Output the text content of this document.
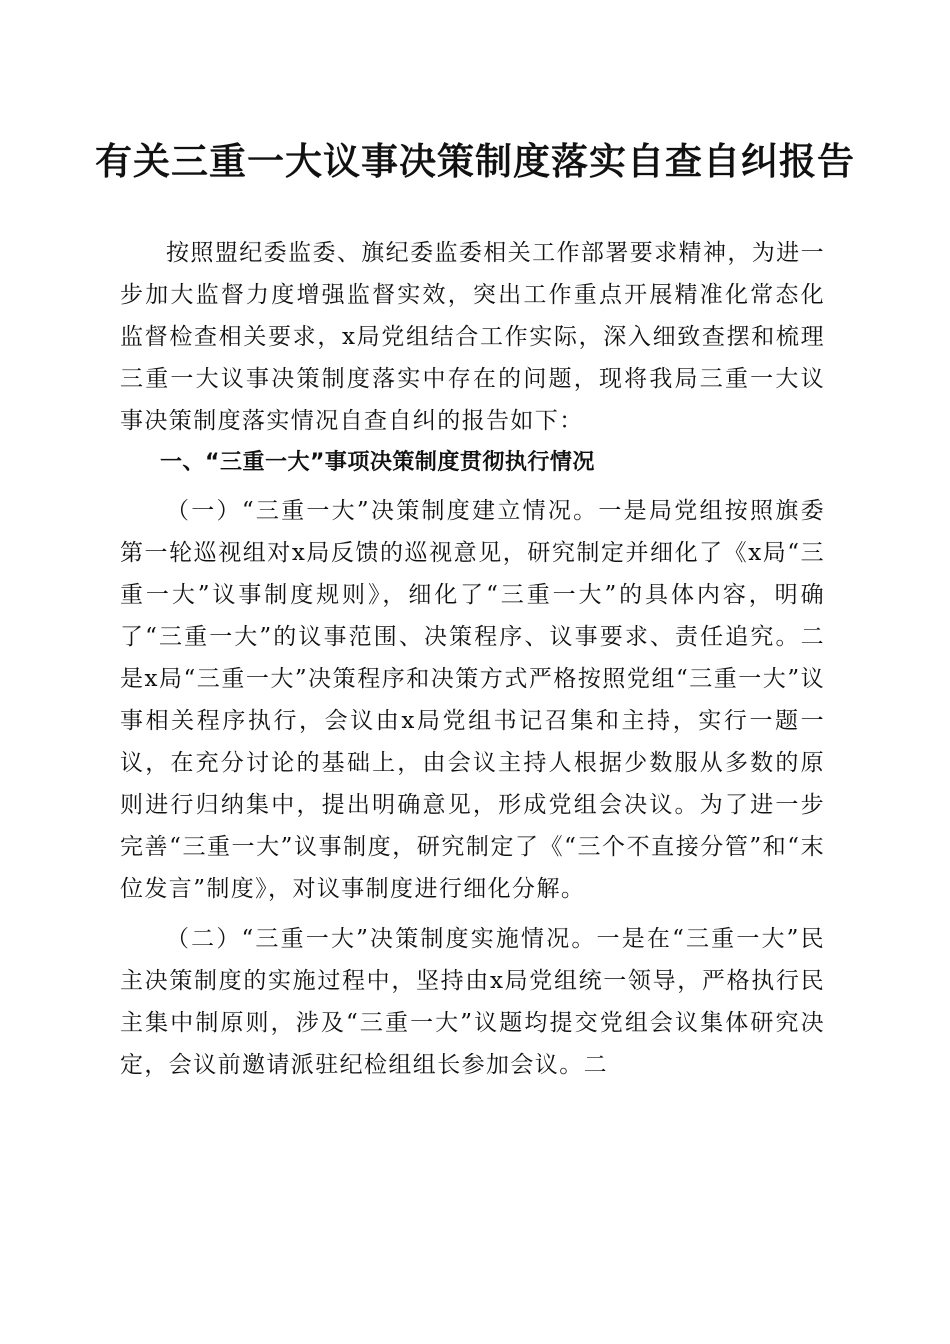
有关三重一大议事决策制度落实自查自纠报告

按照盟纪委监委、旗纪委监委相关工作部署要求精神，为进一步加大监督力度增强监督实效，突出工作重点开展精准化常态化监督检查相关要求，x局党组结合工作实际，深入细致查摆和梳理三重一大议事决策制度落实中存在的问题，现将我局三重一大议事决策制度落实情况自查自纠的报告如下：

一、“三重一大”事项决策制度贯彻执行情况

（一）“三重一大”决策制度建立情况。一是局党组按照旗委第一轮巡视组对x局反馈的巡视意见，研究制定并细化了《x局“三重一大”议事制度规则》，细化了“三重一大”的具体内容，明确了“三重一大”的议事范围、决策程序、议事要求、责任追究。二是x局“三重一大”决策程序和决策方式严格按照党组“三重一大”议事相关程序执行，会议由x局党组书记召集和主持，实行一题一议，在充分讨论的基础上，由会议主持人根据少数服从多数的原则进行归纳集中，提出明确意见，形成党组会决议。为了进一步完善“三重一大”议事制度，研究制定了《“三个不直接分管”和“末位发言”制度》，对议事制度进行细化分解。

（二）“三重一大”决策制度实施情况。一是在“三重一大”民主决策制度的实施过程中，坚持由x局党组统一领导，严格执行民主集中制原则，涉及“三重一大”议题均提交党组会议集体研究决定，会议前邀请派驻纪检组组长参加会议。二
